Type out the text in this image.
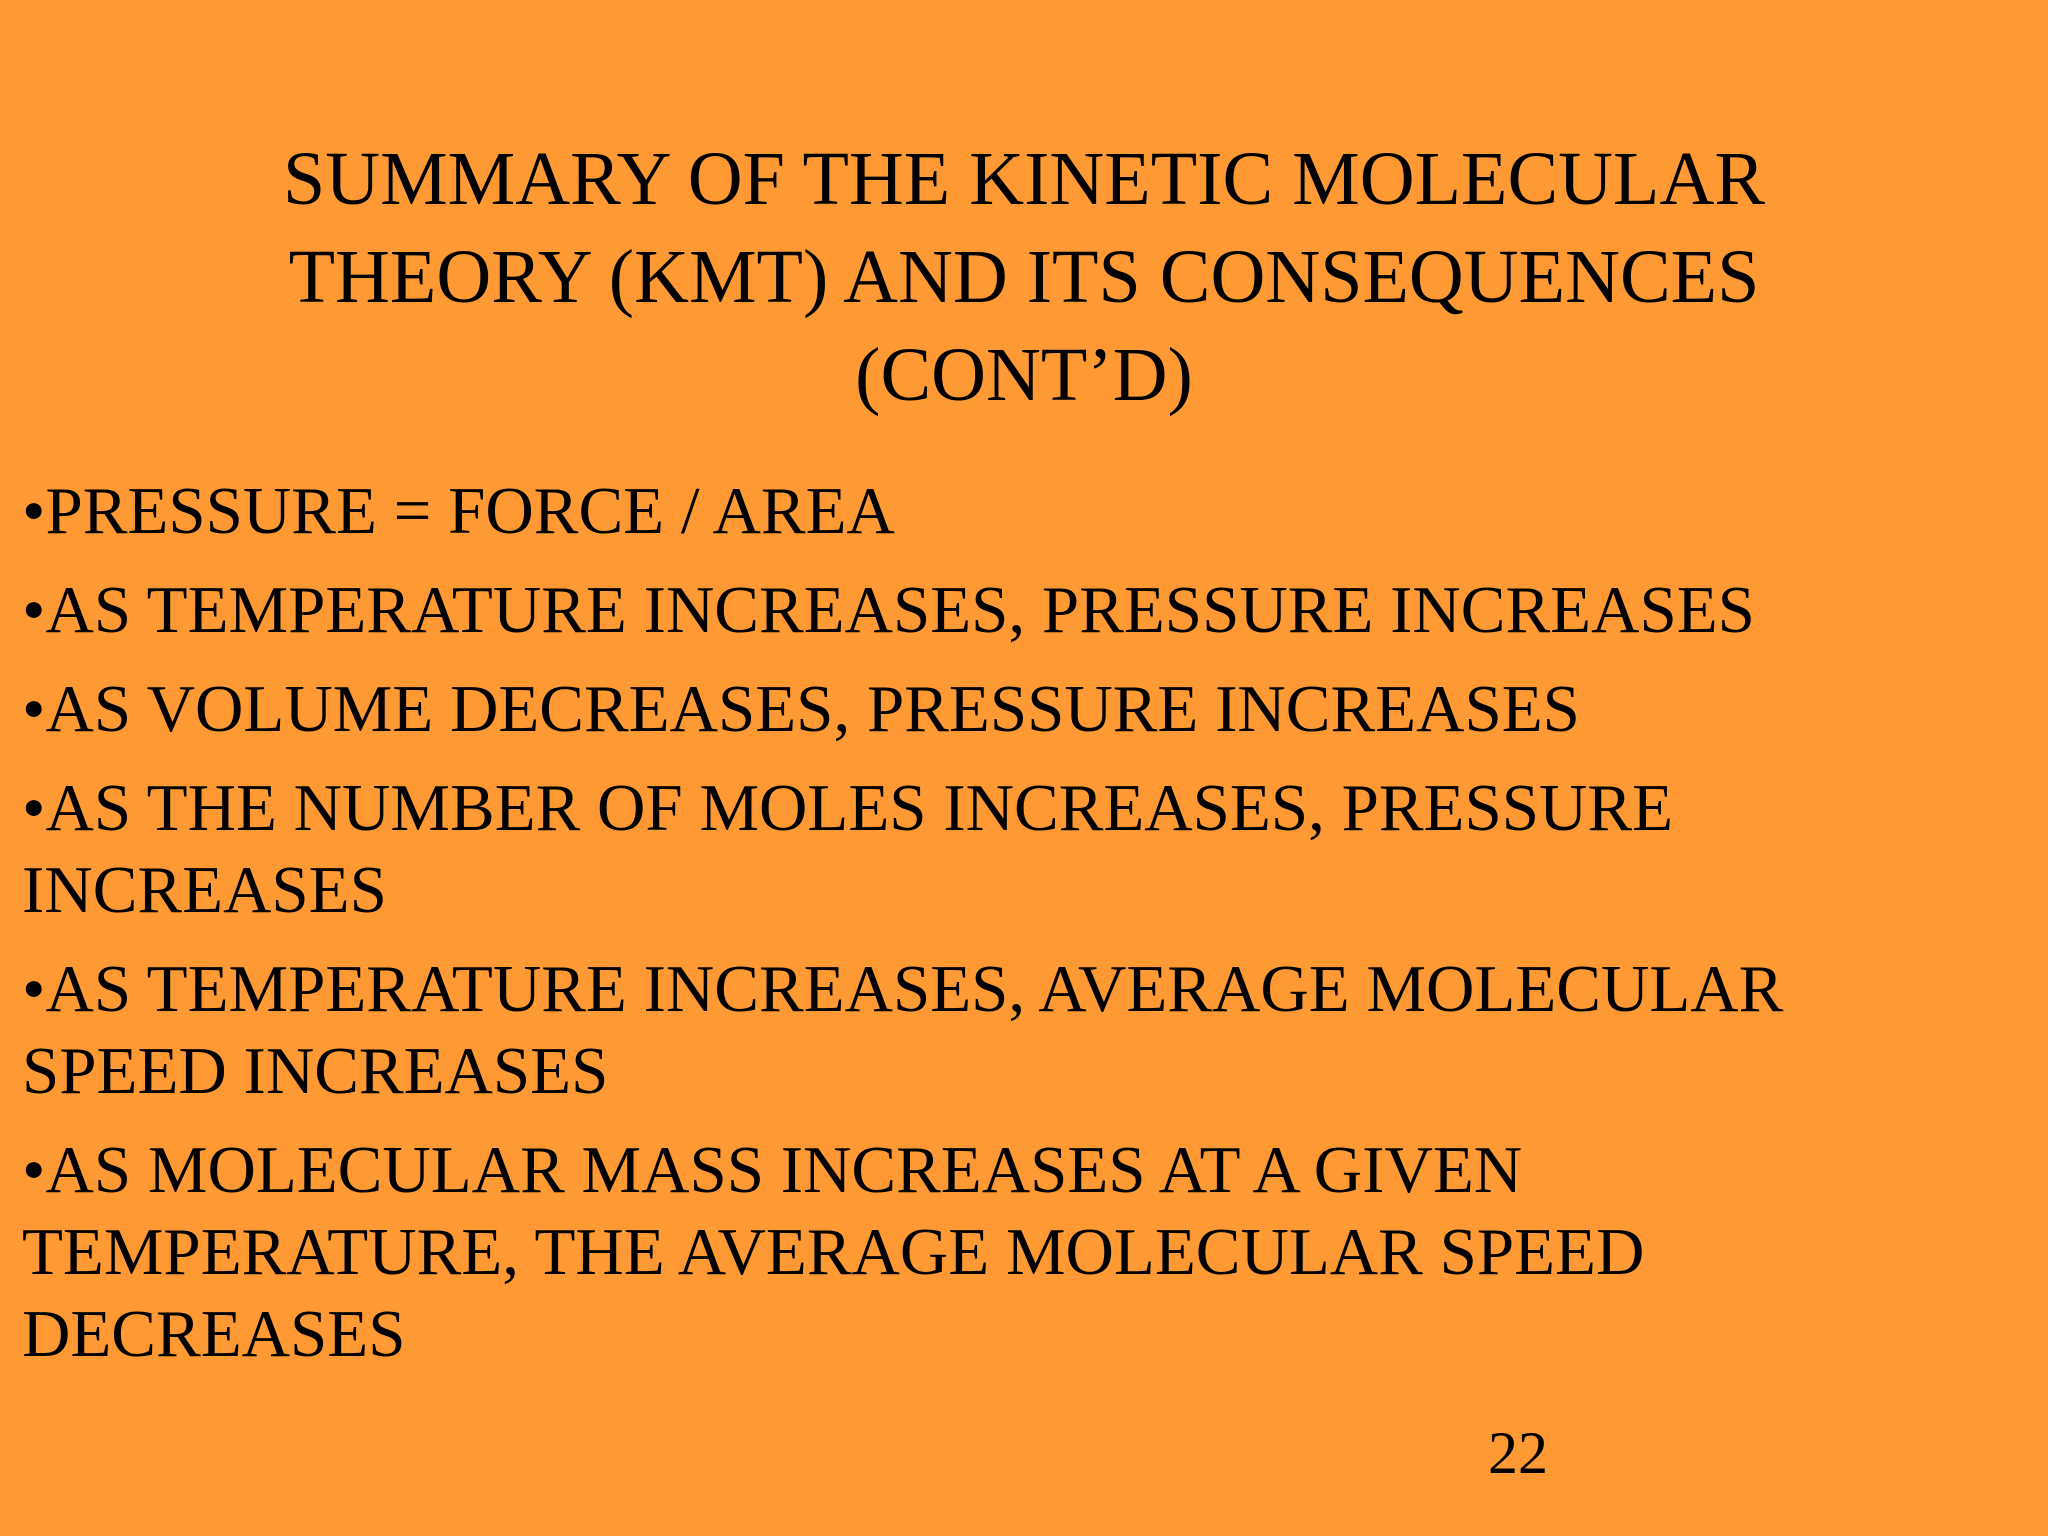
SUMMARY OF THE KINETIC MOLECULAR
THEORY (KMT) AND ITS CONSEQUENCES
(CONT’D)
•PRESSURE = FORCE / AREA
•AS TEMPERATURE INCREASES, PRESSURE INCREASES
•AS VOLUME DECREASES, PRESSURE INCREASES
•AS THE NUMBER OF MOLES INCREASES, PRESSURE INCREASES
•AS TEMPERATURE INCREASES, AVERAGE MOLECULAR SPEED INCREASES
•AS MOLECULAR MASS INCREASES AT A GIVEN TEMPERATURE, THE AVERAGE MOLECULAR SPEED DECREASES
22
